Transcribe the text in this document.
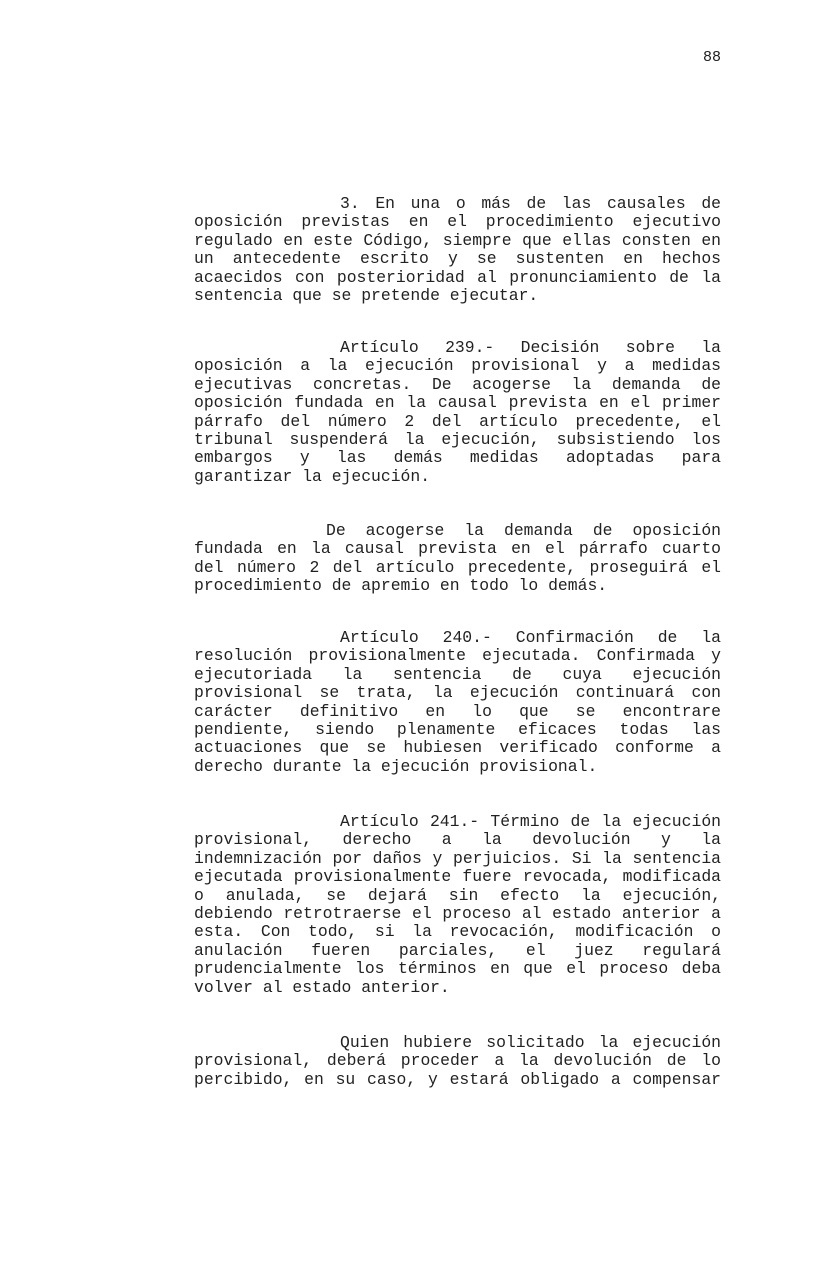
88
3. En una o más de las causales de
oposición previstas en el procedimiento ejecutivo
regulado en este Código, siempre que ellas consten en
un antecedente escrito y se sustenten en hechos
acaecidos con posterioridad al pronunciamiento de la
sentencia que se pretende ejecutar.
Artículo 239.- Decisión sobre la
oposición a la ejecución provisional y a medidas
ejecutivas concretas. De acogerse la demanda de
oposición fundada en la causal prevista en el primer
párrafo del número 2 del artículo precedente, el
tribunal suspenderá la ejecución, subsistiendo los
embargos y las demás medidas adoptadas para
garantizar la ejecución.
De acogerse la demanda de oposición
fundada en la causal prevista en el párrafo cuarto
del número 2 del artículo precedente, proseguirá el
procedimiento de apremio en todo lo demás.
Artículo 240.- Confirmación de la
resolución provisionalmente ejecutada. Confirmada y
ejecutoriada la sentencia de cuya ejecución
provisional se trata, la ejecución continuará con
carácter definitivo en lo que se encontrare
pendiente, siendo plenamente eficaces todas las
actuaciones que se hubiesen verificado conforme a
derecho durante la ejecución provisional.
Artículo 241.- Término de la ejecución
provisional, derecho a la devolución y la
indemnización por daños y perjuicios. Si la sentencia
ejecutada provisionalmente fuere revocada, modificada
o anulada, se dejará sin efecto la ejecución,
debiendo retrotraerse el proceso al estado anterior a
esta. Con todo, si la revocación, modificación o
anulación fueren parciales, el juez regulará
prudencialmente los términos en que el proceso deba
volver al estado anterior.
Quien hubiere solicitado la ejecución
provisional, deberá proceder a la devolución de lo
percibido, en su caso, y estará obligado a compensar
